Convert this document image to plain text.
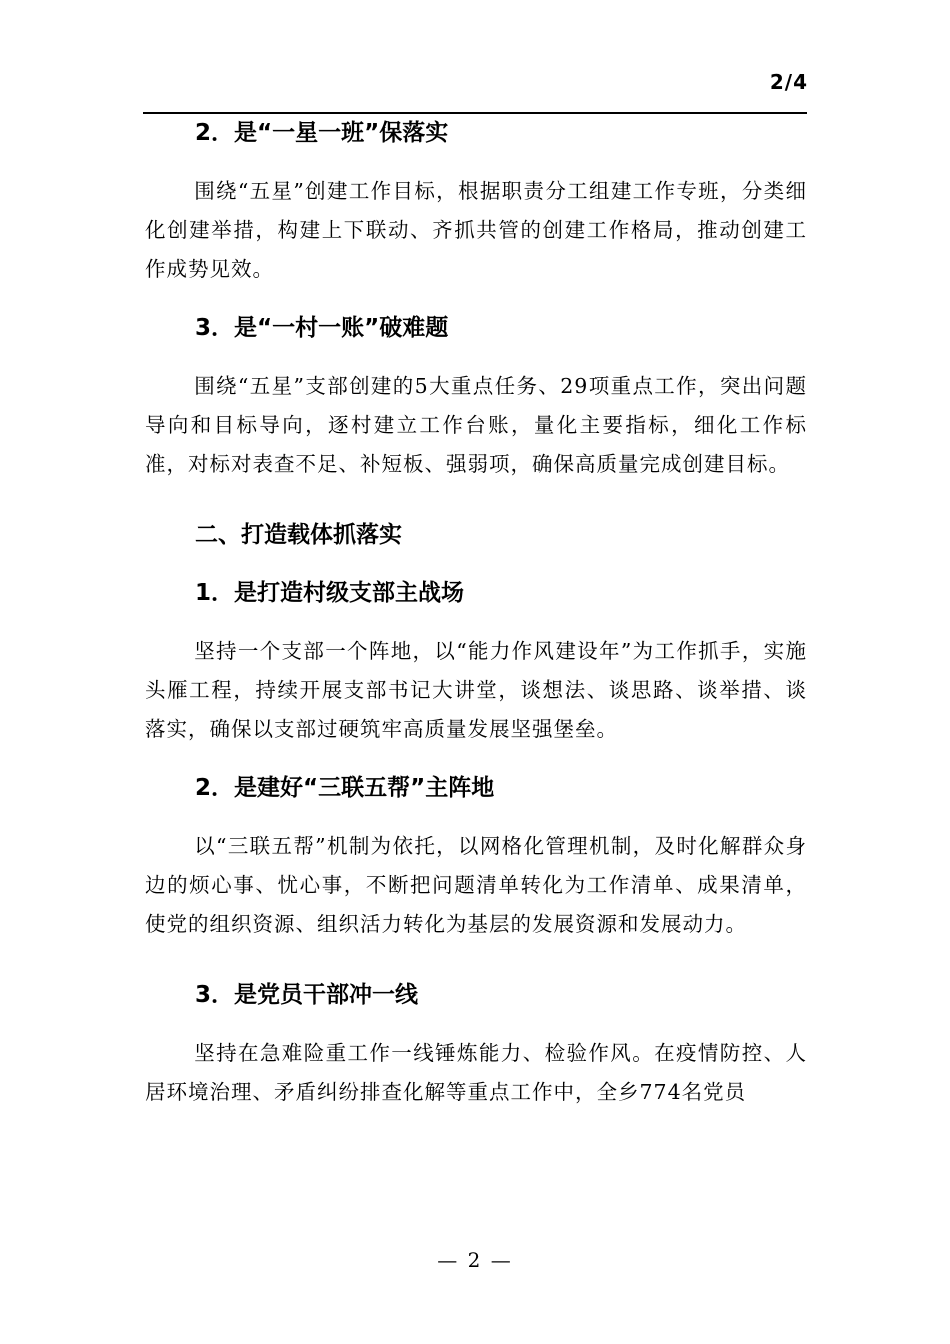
2/4
2．是“一星一班”保落实

围绕“五星”创建工作目标，根据职责分工组建工作专班，分类细化创建举措，构建上下联动、齐抓共管的创建工作格局，推动创建工作成势见效。

3．是“一村一账”破难题

围绕“五星”支部创建的5大重点任务、29项重点工作，突出问题导向和目标导向，逐村建立工作台账，量化主要指标，细化工作标准，对标对表查不足、补短板、强弱项，确保高质量完成创建目标。

二、打造载体抓落实
1．是打造村级支部主战场

坚持一个支部一个阵地，以“能力作风建设年”为工作抓手，实施头雁工程，持续开展支部书记大讲堂，谈想法、谈思路、谈举措、谈落实，确保以支部过硬筑牢高质量发展坚强堡垒。

2．是建好“三联五帮”主阵地

以“三联五帮”机制为依托，以网格化管理机制，及时化解群众身边的烦心事、忧心事，不断把问题清单转化为工作清单、成果清单，使党的组织资源、组织活力转化为基层的发展资源和发展动力。

3．是党员干部冲一线

坚持在急难险重工作一线锤炼能力、检验作风。在疫情防控、人居环境治理、矛盾纠纷排查化解等重点工作中，全乡774名党员

— 2 —
